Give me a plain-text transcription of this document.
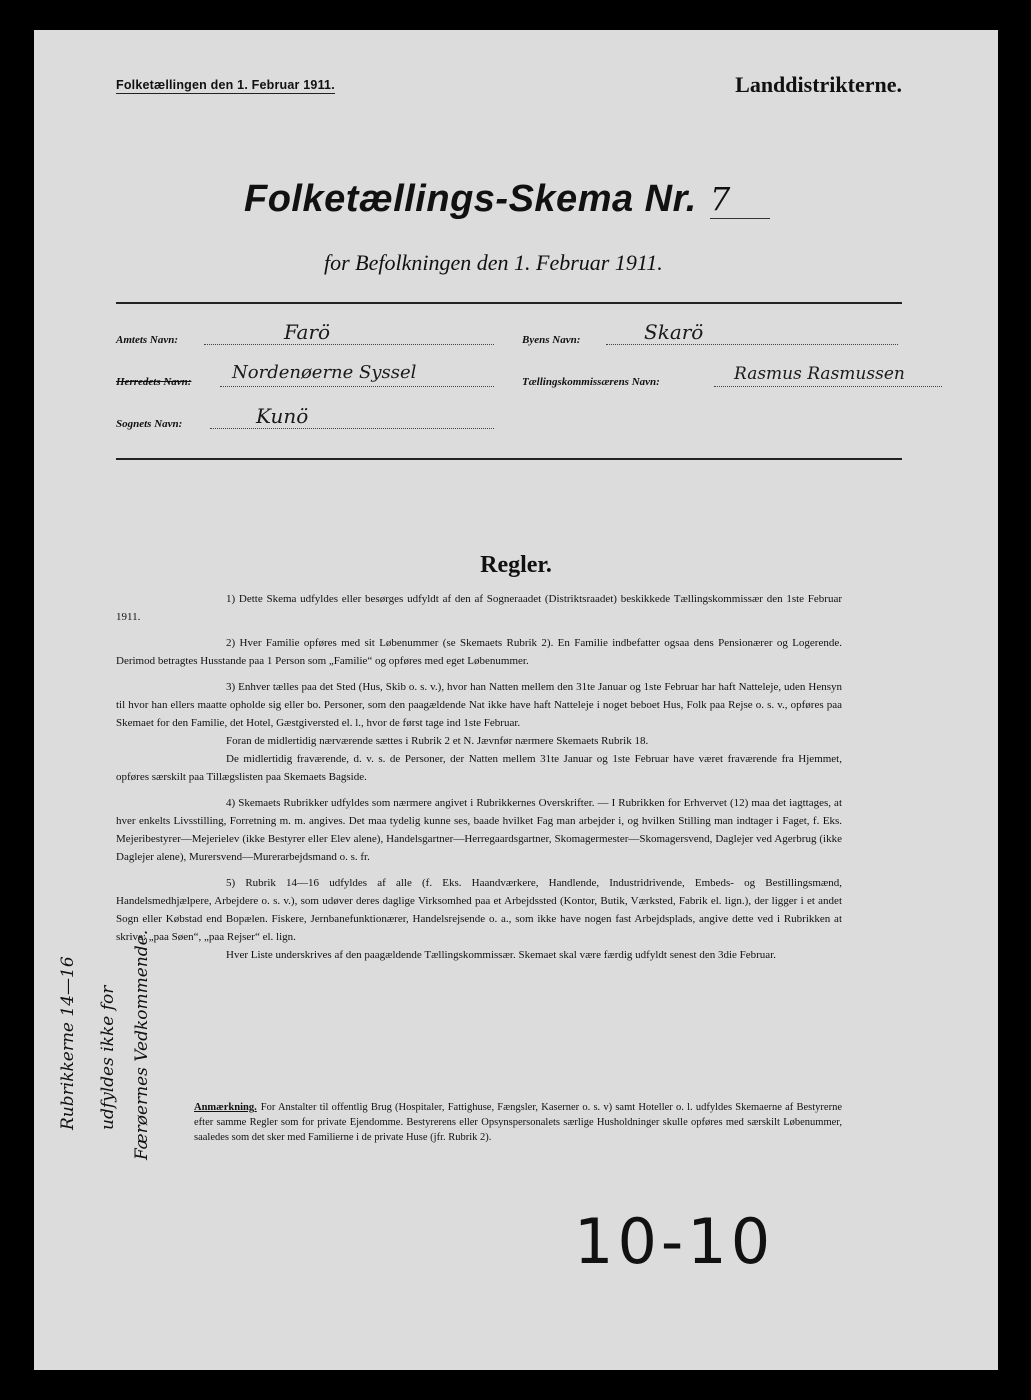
Folketællingen den 1. Februar 1911.	Landdistrikterne.
Folketællings-Skema Nr. 7
for Befolkningen den 1. Februar 1911.
Amtets Navn:	Farö	Byens Navn:	Skarö
Herredets Navn: Nordenøerne Syssel	Tællingskommissærens Navn:	Rasmus Rasmussen
Sognets Navn:	Kunö
Regler.

1) Dette Skema udfyldes eller besørges udfyldt af den af Sogneraadet (Distriktsraadet) beskikkede Tællingskommissær den 1ste Februar 1911.

2) Hver Familie opføres med sit Løbenummer (se Skemaets Rubrik 2). En Familie indbefatter ogsaa dens Pensionærer og Logerende. Derimod betragtes Husstande paa 1 Person som „Familie“ og opføres med eget Løbenummer.

3) Enhver tælles paa det Sted (Hus, Skib o. s. v.), hvor han Natten mellem den 31te Januar og 1ste Februar har haft Natteleje, uden Hensyn til hvor han ellers maatte opholde sig eller bo. Personer, som den paagældende Nat ikke have haft Natteleje i noget beboet Hus, Folk paa Rejse o. s. v., opføres paa Skemaet for den Familie, det Hotel, Gæstgiversted el. l., hvor de først tage ind 1ste Februar.

Foran de midlertidig nærværende sættes i Rubrik 2 et N. Jævnfør nærmere Skemaets Rubrik 18.

De midlertidig fraværende, d. v. s. de Personer, der Natten mellem 31te Januar og 1ste Februar have været fraværende fra Hjemmet, opføres særskilt paa Tillægslisten paa Skemaets Bagside.

4) Skemaets Rubrikker udfyldes som nærmere angivet i Rubrikkernes Overskrifter. — I Rubrikken for Erhvervet (12) maa det iagttages, at hver enkelts Livsstilling, Forretning m. m. angives. Det maa tydelig kunne ses, baade hvilket Fag man arbejder i, og hvilken Stilling man indtager i Faget, f. Eks. Mejeribestyrer—Mejerielev (ikke Bestyrer eller Elev alene), Handelsgartner—Herregaardsgartner, Skomagermester—Skomagersvend, Daglejer ved Agerbrug (ikke Daglejer alene), Murersvend—Murerarbejdsmand o. s. fr.

5) Rubrik 14—16 udfyldes af alle (f. Eks. Haandværkere, Handlende, Industridrivende, Embeds- og Bestillingsmænd, Handelsmedhjælpere, Arbejdere o. s. v.), som udøver deres daglige Virksomhed paa et Arbejdssted (Kontor, Butik, Værksted, Fabrik el. lign.), der ligger i et andet Sogn eller Købstad end Bopælen. Fiskere, Jernbanefunktionærer, Handelsrejsende o. a., som ikke have nogen fast Arbejdsplads, angive dette ved i Rubrikken at skrive: „paa Søen“, „paa Rejser“ el. lign.

Hver Liste underskrives af den paagældende Tællingskommissær. Skemaet skal være færdig udfyldt senest den 3die Februar.

Anmærkning. For Anstalter til offentlig Brug (Hospitaler, Fattighuse, Fængsler, Kaserner o. s. v) samt Hoteller o. l. udfyldes Skemaerne af Bestyrerne efter samme Regler som for private Ejendomme. Bestyrerens eller Opsynspersonalets særlige Husholdninger skulle opføres med særskilt Løbenummer, saaledes som det sker med Familierne i de private Huse (jfr. Rubrik 2).
Rubrikkerne 14—16 udfyldes ikke for Færøernes Vedkommende.
10-10
